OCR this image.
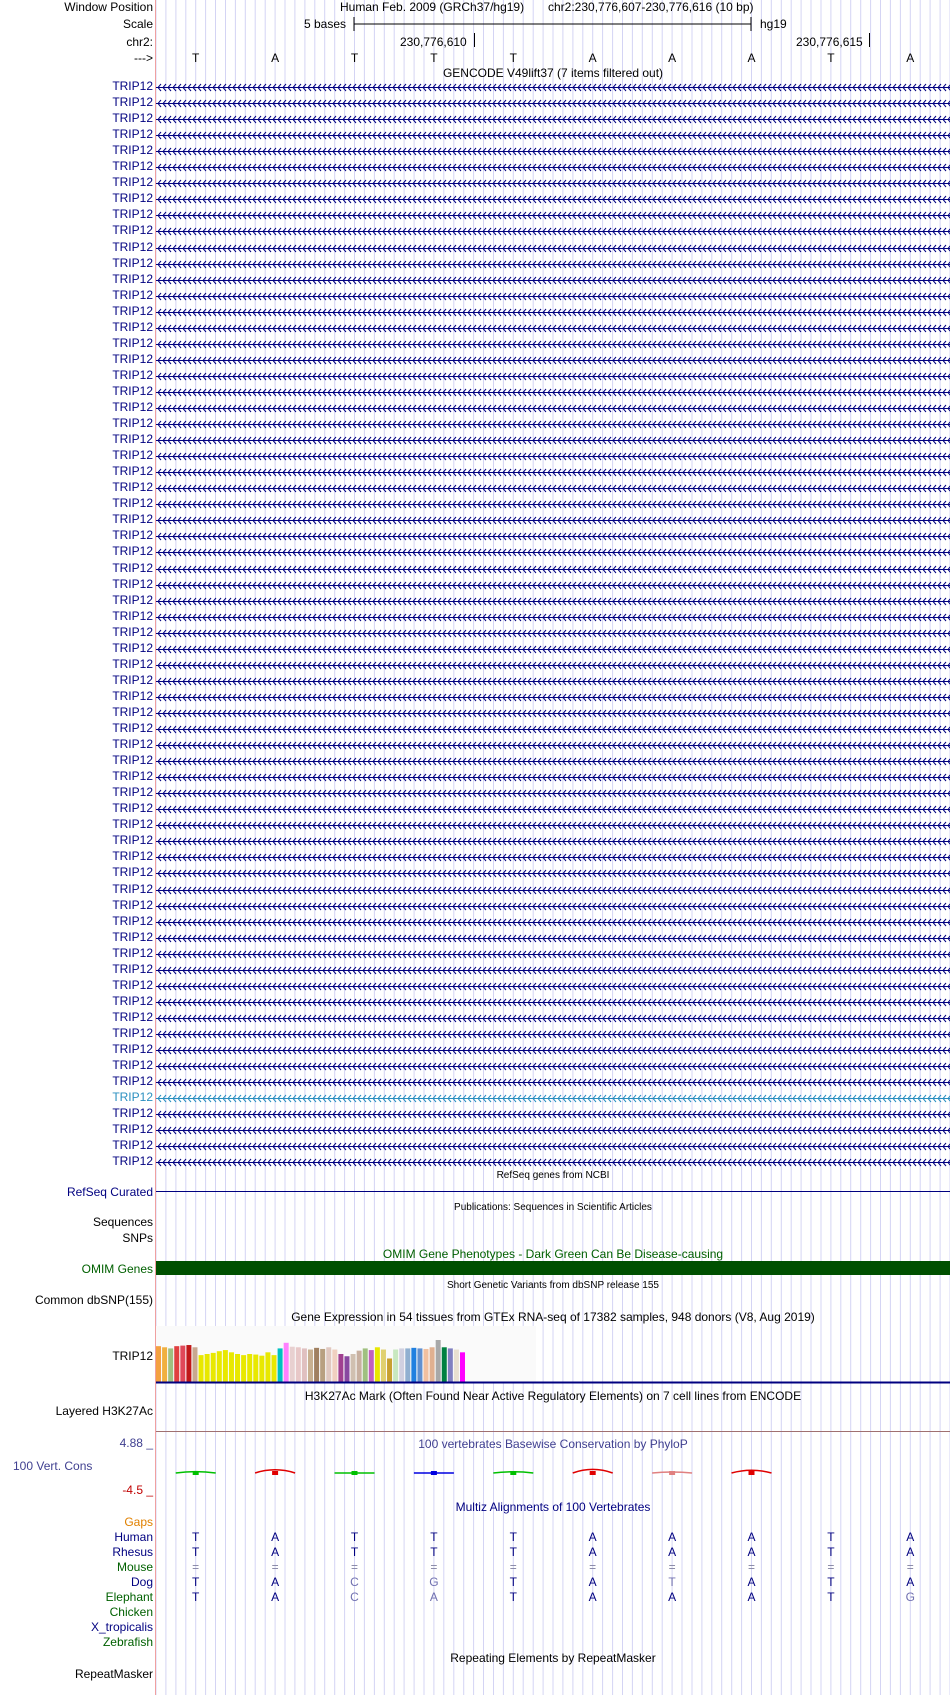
Window Position	Human Feb. 2009 (GRCh37/hg19) chr2:230,776,607-230,776,616 (10 bp)
Scale	5 bases	hg19
chr2:	230,776,610	230,776,615
--->	T	A	T	T	T	A	A	A	T	A
GENCODE V49lift37 (7 items filtered out)
TRIP12
TRIP12
TRIP12
TRIP12
TRIP12
TRIP12
TRIP12
TRIP12
TRIP12
TRIP12
TRIP12
TRIP12
TRIP12
TRIP12
TRIP12
TRIP12
TRIP12
TRIP12
TRIP12
TRIP12
TRIP12
TRIP12
TRIP12
TRIP12
TRIP12
TRIP12
TRIP12
TRIP12
TRIP12
TRIP12
TRIP12
TRIP12
TRIP12
TRIP12
TRIP12
TRIP12
TRIP12
TRIP12
TRIP12
TRIP12
TRIP12
TRIP12
TRIP12
TRIP12
TRIP12
TRIP12
TRIP12
TRIP12
TRIP12
TRIP12
TRIP12
TRIP12
TRIP12
TRIP12
TRIP12
TRIP12
TRIP12
TRIP12
TRIP12
TRIP12
TRIP12
TRIP12
TRIP12
TRIP12
TRIP12
TRIP12
TRIP12
TRIP12
RefSeq genes from NCBI
RefSeq Curated
Publications: Sequences in Scientific Articles
Sequences
SNPs
OMIM Gene Phenotypes - Dark Green Can Be Disease-causing
OMIM Genes
Short Genetic Variants from dbSNP release 155
Common dbSNP(155)
Gene Expression in 54 tissues from GTEx RNA-seq of 17382 samples, 948 donors (V8, Aug 2019)
TRIP12
H3K27Ac Mark (Often Found Near Active Regulatory Elements) on 7 cell lines from ENCODE
Layered H3K27Ac
4.88 _	100 vertebrates Basewise Conservation by PhyloP
100 Vert. Cons
-4.5 _
Multiz Alignments of 100 Vertebrates
Gaps
Human	T	A	T	T	T	A	A	A	T	A
Rhesus	T	A	T	T	T	A	A	A	T	A
Mouse	=	=	=	=	=	=	=	=	=	=
Dog	T	A	C	G	T	A	T	A	T	A
Elephant	T	A	C	A	T	A	A	A	T	G
Chicken
X_tropicalis
Zebrafish
Repeating Elements by RepeatMasker
RepeatMasker
